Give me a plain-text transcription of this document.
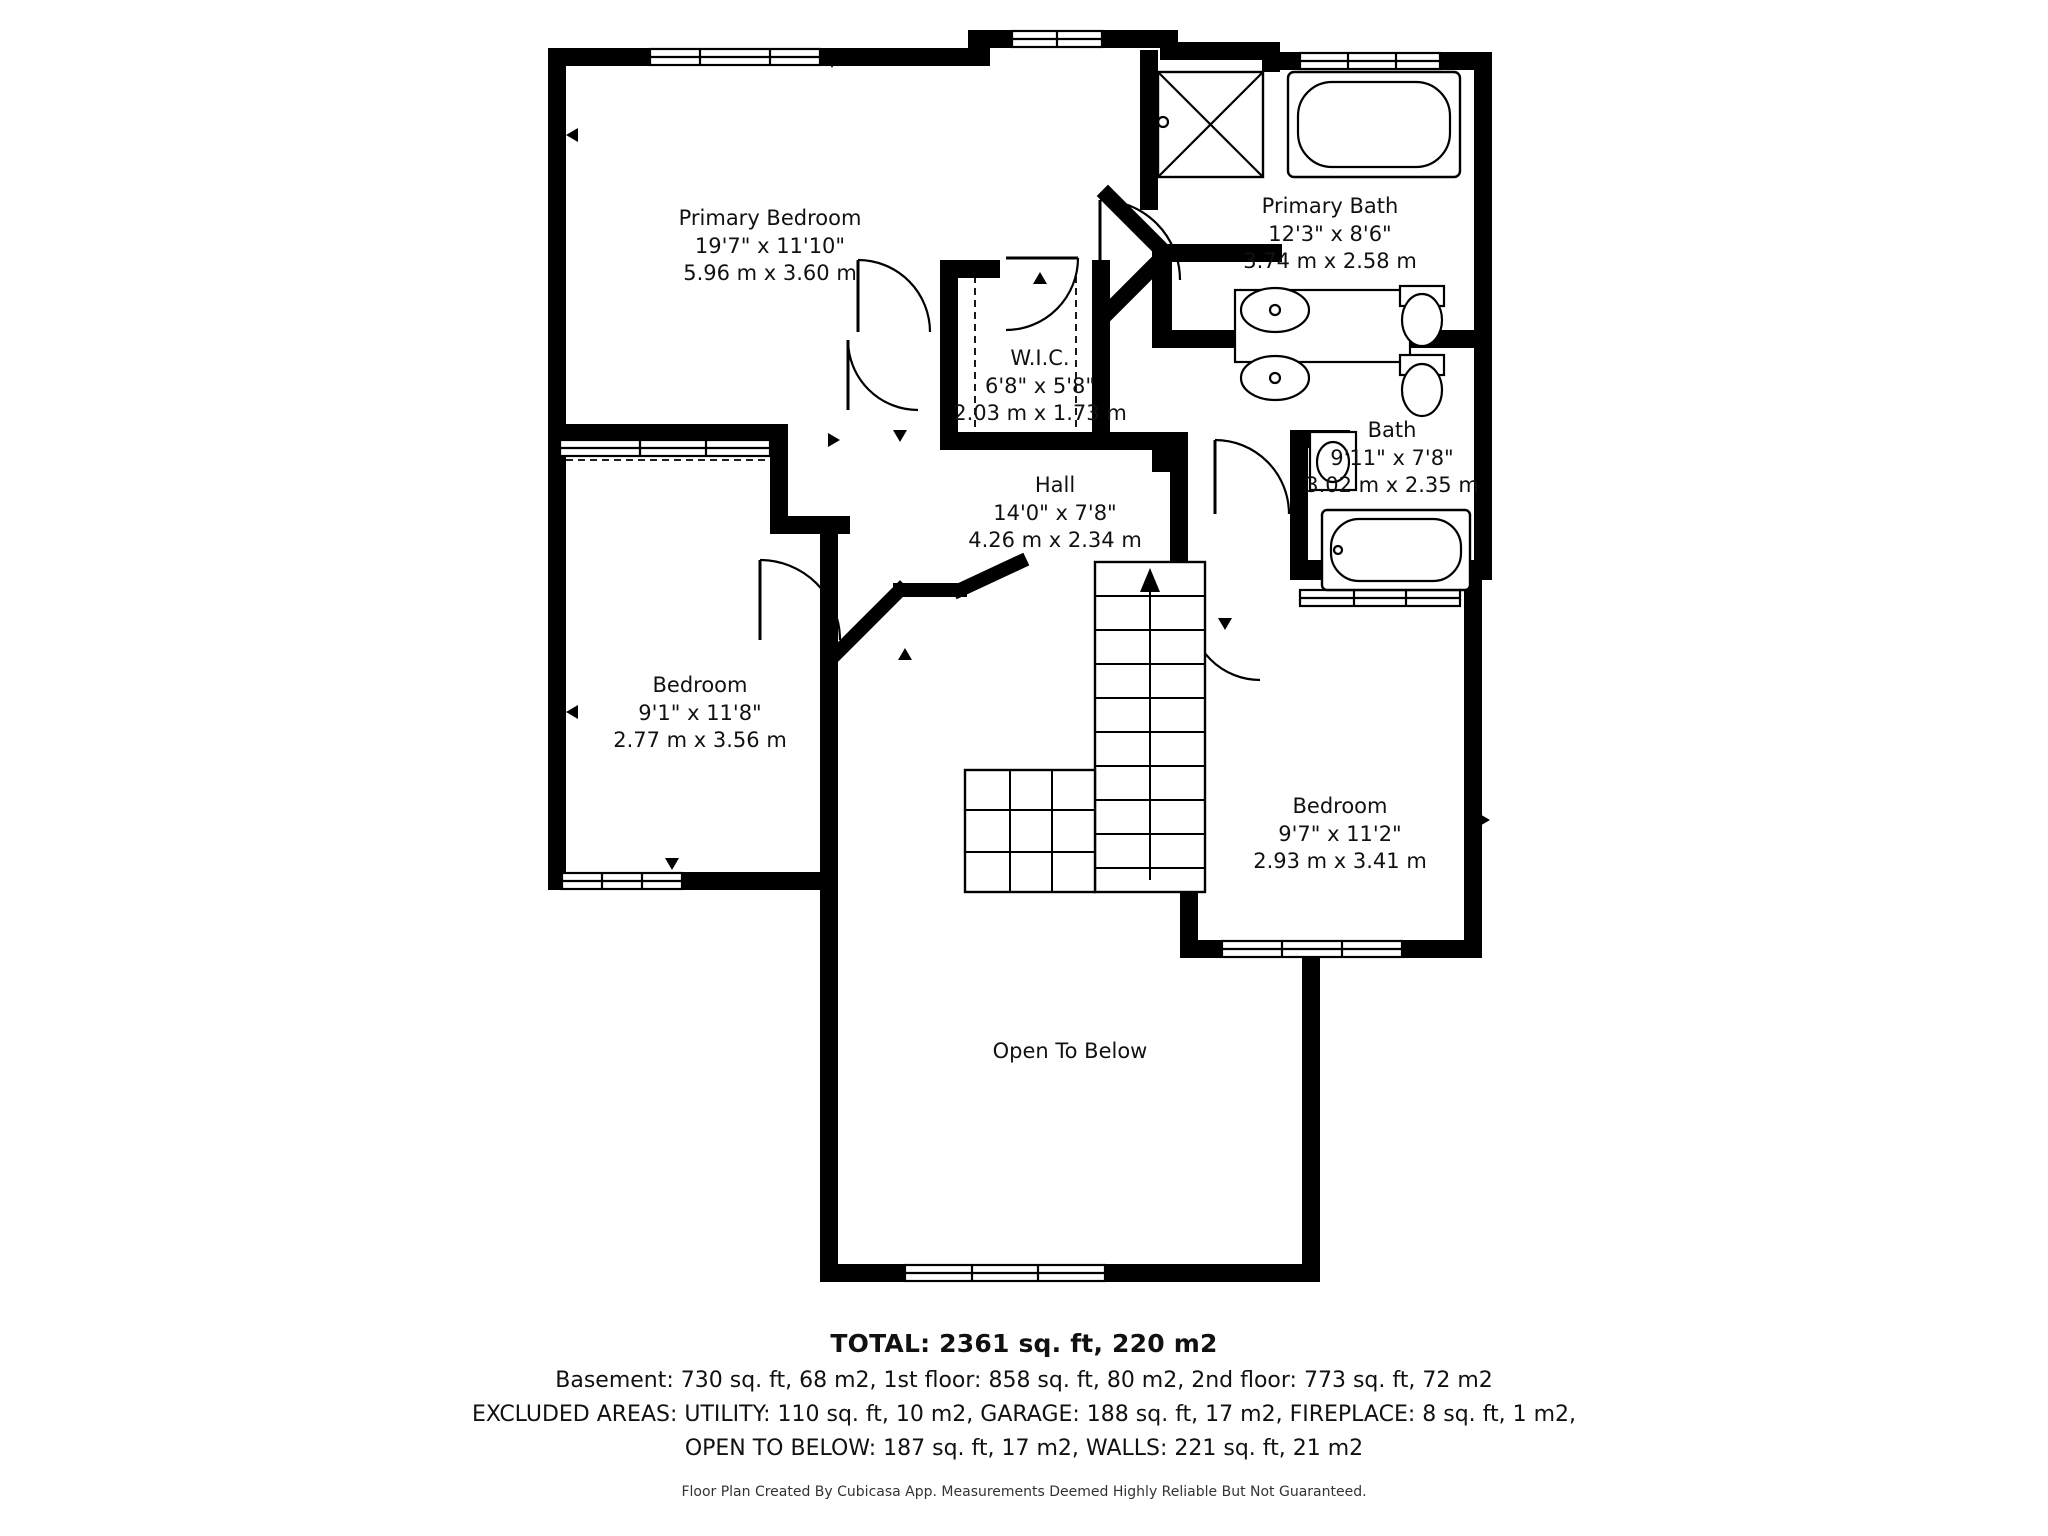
Primary Bedroom
19'7" x 11'10"
5.96 m x 3.60 m
Primary Bath
12'3" x 8'6"
3.74 m x 2.58 m
W.I.C.
6'8" x 5'8"
2.03 m x 1.73 m
Bath
9'11" x 7'8"
3.02 m x 2.35 m
Hall
14'0" x 7'8"
4.26 m x 2.34 m
Bedroom
9'1" x 11'8"
2.77 m x 3.56 m
Bedroom
9'7" x 11'2"
2.93 m x 3.41 m
Open To Below
TOTAL: 2361 sq. ft, 220 m2
Basement: 730 sq. ft, 68 m2, 1st floor: 858 sq. ft, 80 m2, 2nd floor: 773 sq. ft, 72 m2
EXCLUDED AREAS: UTILITY: 110 sq. ft, 10 m2, GARAGE: 188 sq. ft, 17 m2, FIREPLACE: 8 sq. ft, 1 m2,
OPEN TO BELOW: 187 sq. ft, 17 m2, WALLS: 221 sq. ft, 21 m2
Floor Plan Created By Cubicasa App. Measurements Deemed Highly Reliable But Not Guaranteed.
